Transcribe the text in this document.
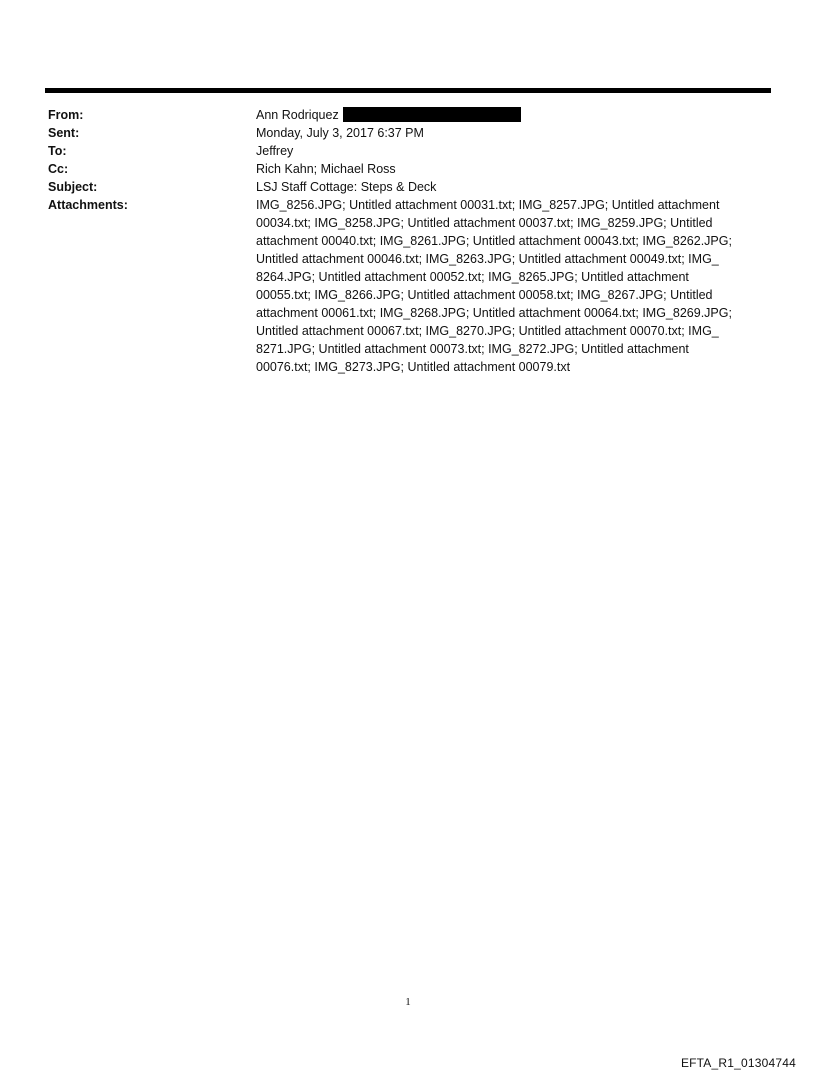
From:	Ann Rodriquez
Sent:	Monday, July 3, 2017 6:37 PM
To:	Jeffrey
Cc:	Rich Kahn; Michael Ross
Subject:	LSJ Staff Cottage: Steps & Deck
Attachments:	IMG_8256.JPG; Untitled attachment 00031.txt; IMG_8257.JPG; Untitled attachment
00034.txt; IMG_8258.JPG; Untitled attachment 00037.txt; IMG_8259.JPG; Untitled
attachment 00040.txt; IMG_8261.JPG; Untitled attachment 00043.txt; IMG_8262.JPG;
Untitled attachment 00046.txt; IMG_8263.JPG; Untitled attachment 00049.txt; IMG_
8264.JPG; Untitled attachment 00052.txt; IMG_8265.JPG; Untitled attachment
00055.txt; IMG_8266.JPG; Untitled attachment 00058.txt; IMG_8267.JPG; Untitled
attachment 00061.txt; IMG_8268.JPG; Untitled attachment 00064.txt; IMG_8269.JPG;
Untitled attachment 00067.txt; IMG_8270.JPG; Untitled attachment 00070.txt; IMG_
8271.JPG; Untitled attachment 00073.txt; IMG_8272.JPG; Untitled attachment
00076.txt; IMG_8273.JPG; Untitled attachment 00079.txt
1
EFTA_R1_01304744
